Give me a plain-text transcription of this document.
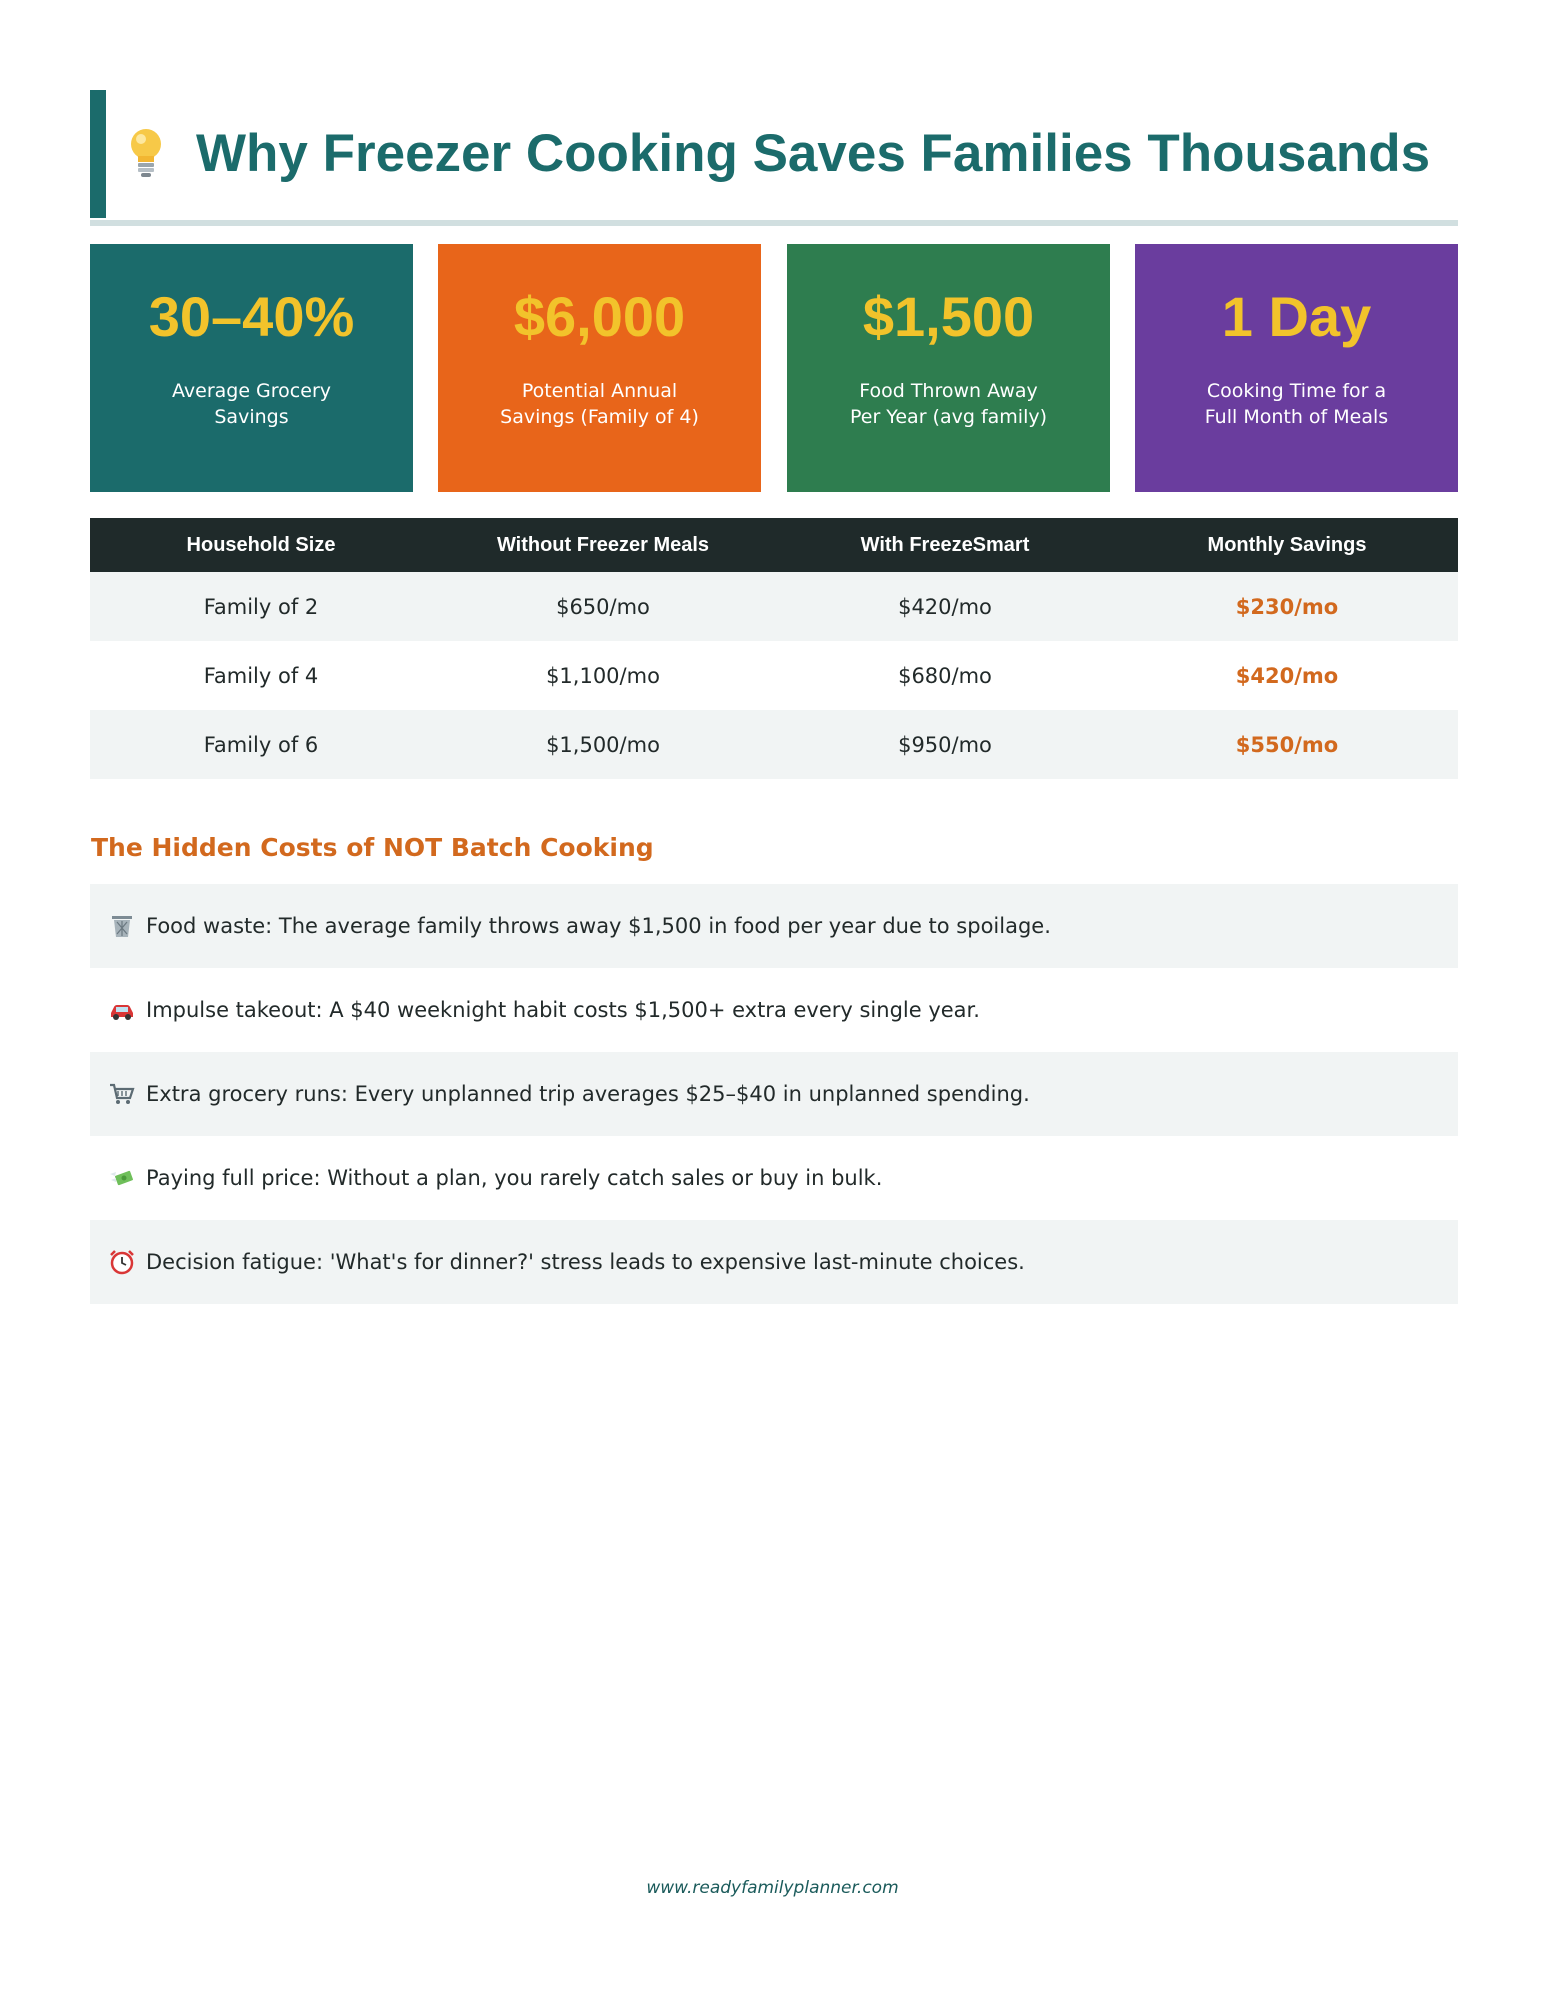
Why Freezer Cooking Saves Families Thousands
30–40%
Average Grocery
Savings
$6,000
Potential Annual
Savings (Family of 4)
$1,500
Food Thrown Away
Per Year (avg family)
1 Day
Cooking Time for a
Full Month of Meals
Household Size	Without Freezer Meals	With FreezeSmart	Monthly Savings
Family of 2	$650/mo	$420/mo	$230/mo
Family of 4	$1,100/mo	$680/mo	$420/mo
Family of 6	$1,500/mo	$950/mo	$550/mo
The Hidden Costs of NOT Batch Cooking
Food waste: The average family throws away $1,500 in food per year due to spoilage.
Impulse takeout: A $40 weeknight habit costs $1,500+ extra every single year.
Extra grocery runs: Every unplanned trip averages $25–$40 in unplanned spending.
Paying full price: Without a plan, you rarely catch sales or buy in bulk.
Decision fatigue: 'What's for dinner?' stress leads to expensive last-minute choices.
www.readyfamilyplanner.com
